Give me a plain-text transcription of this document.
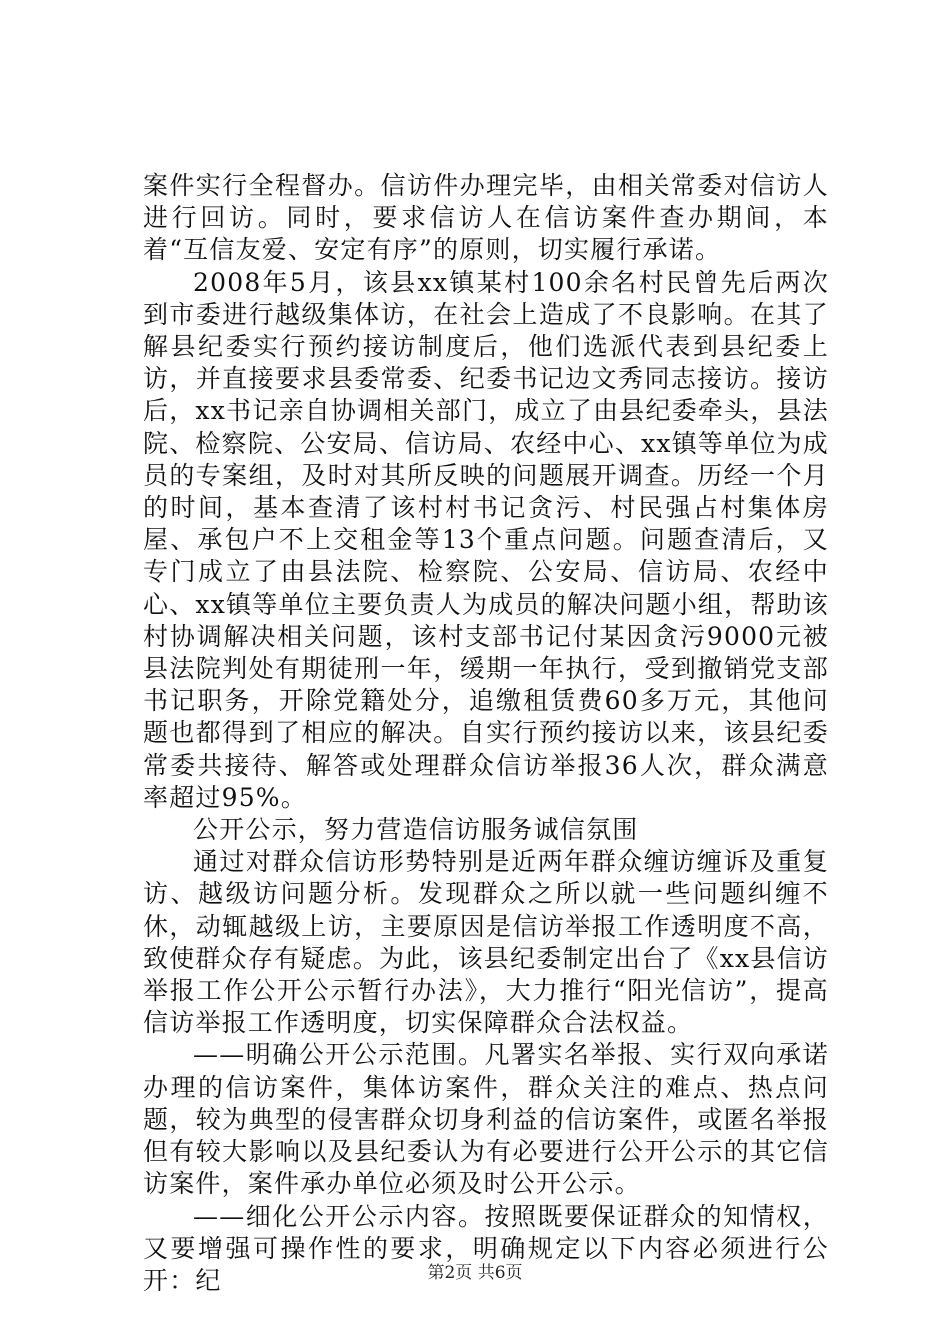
案件实行全程督办。信访件办理完毕，由相关常委对信访人进行回访。同时，要求信访人在信访案件查办期间，本着“互信友爱、安定有序”的原则，切实履行承诺。

2008年5月，该县xx镇某村100余名村民曾先后两次到市委进行越级集体访，在社会上造成了不良影响。在其了解县纪委实行预约接访制度后，他们选派代表到县纪委上访，并直接要求县委常委、纪委书记边文秀同志接访。接访后，xx书记亲自协调相关部门，成立了由县纪委牵头，县法院、检察院、公安局、信访局、农经中心、xx镇等单位为成员的专案组，及时对其所反映的问题展开调查。历经一个月的时间，基本查清了该村村书记贪污、村民强占村集体房屋、承包户不上交租金等13个重点问题。问题查清后，又专门成立了由县法院、检察院、公安局、信访局、农经中心、xx镇等单位主要负责人为成员的解决问题小组，帮助该村协调解决相关问题，该村支部书记付某因贪污9000元被县法院判处有期徒刑一年，缓期一年执行，受到撤销党支部书记职务，开除党籍处分，追缴租赁费60多万元，其他问题也都得到了相应的解决。自实行预约接访以来，该县纪委常委共接待、解答或处理群众信访举报36人次，群众满意率超过95%。

公开公示，努力营造信访服务诚信氛围

通过对群众信访形势特别是近两年群众缠访缠诉及重复访、越级访问题分析。发现群众之所以就一些问题纠缠不休，动辄越级上访，主要原因是信访举报工作透明度不高，致使群众存有疑虑。为此，该县纪委制定出台了《xx县信访举报工作公开公示暂行办法》，大力推行“阳光信访”，提高信访举报工作透明度，切实保障群众合法权益。

——明确公开公示范围。凡署实名举报、实行双向承诺办理的信访案件，集体访案件，群众关注的难点、热点问题，较为典型的侵害群众切身利益的信访案件，或匿名举报但有较大影响以及县纪委认为有必要进行公开公示的其它信访案件，案件承办单位必须及时公开公示。

——细化公开公示内容。按照既要保证群众的知情权，又要增强可操作性的要求，明确规定以下内容必须进行公开：纪	第2页 共6页
